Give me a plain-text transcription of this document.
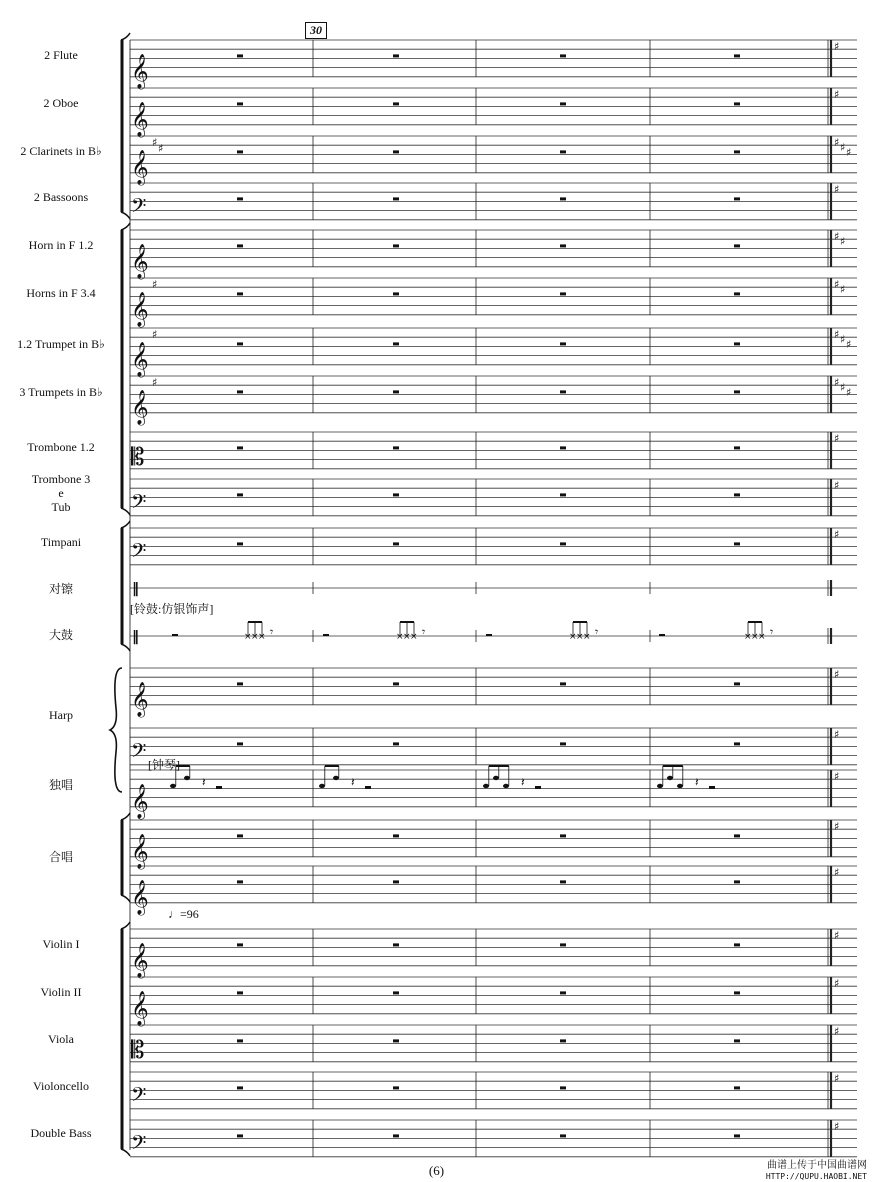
𝄞
♯
𝄞
♯
𝄞
♯ ♯	♯ ♯ ♯
𝄢
♯
𝄞
♯ ♯
𝄞
♯	♯ ♯
𝄞
♯	♯ ♯ ♯
𝄞
♯	♯ ♯ ♯
𝄡
♯
𝄢
♯
𝄢
♯
‖
‖
𝄞
♯
𝄢
♯
𝄞
♯
𝄞
♯
𝄞
♯
𝄞
♯
𝄞
♯
𝄡
♯
𝄢
♯
𝄢
♯
× × × 𝄾	× × × 𝄾	× × × 𝄾	× × × 𝄾
𝄽	𝄽	𝄽	𝄽
30
♩=96
[铃鼓:仿银饰声]
[钟琴]
(6)	曲谱上传于中国曲谱网
HTTP://QUPU.HAOBI.NET
2 Flute
2 Oboe
2 Clarinets in B♭
2 Bassoons
Horn in F 1.2
Horns in F 3.4
1.2 Trumpet in B♭
3 Trumpets in B♭
Trombone 1.2
Trombone 3
e
Tub
Timpani
对镲
大鼓
Harp
独唱
合唱
Violin I
Violin II
Viola
Violoncello
Double Bass
